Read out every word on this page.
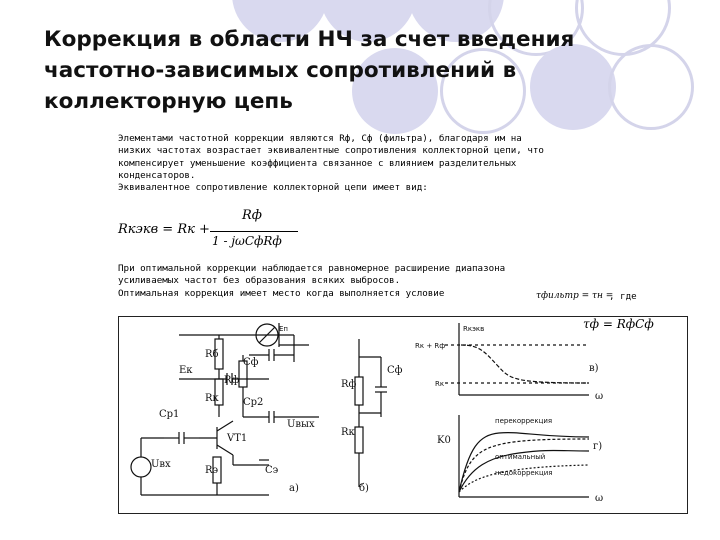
Коррекция в области НЧ за счет введения
частотно-зависимых сопротивлений в
коллекторную цепь
Элементами частотной коррекции являются Rф, Сф (фильтра), благодаря им на
низких частотах возрастает эквивалентные сопротивления коллекторной цепи, что
компенсирует уменьшение коэффициента связанное с влиянием разделительных
конденсаторов.
Эквивалентное сопротивление коллекторной цепи имеет вид:
Rкэкв = Rк +
Rф
1 - jωCфRф
При оптимальной коррекции наблюдается равномерное расширение диапазона
усиливаемых частот без образования всяких выбросов.
Оптимальная коррекция имеет место когда выполняется условие	τфильтр = τн =
, где
τф = RфCф
Rб
Cф
Rф
Ек
Rк Cр2
Cр1
Uвых
VT1
Uвх
Rэ	Cэ
Eп
а)
Cф
Rф
Rк
б)
Rкэкв
Rк + Rф
Rк
в)
ω
перекоррекция
оптимальный
недокоррекция
K0
г)
ω
